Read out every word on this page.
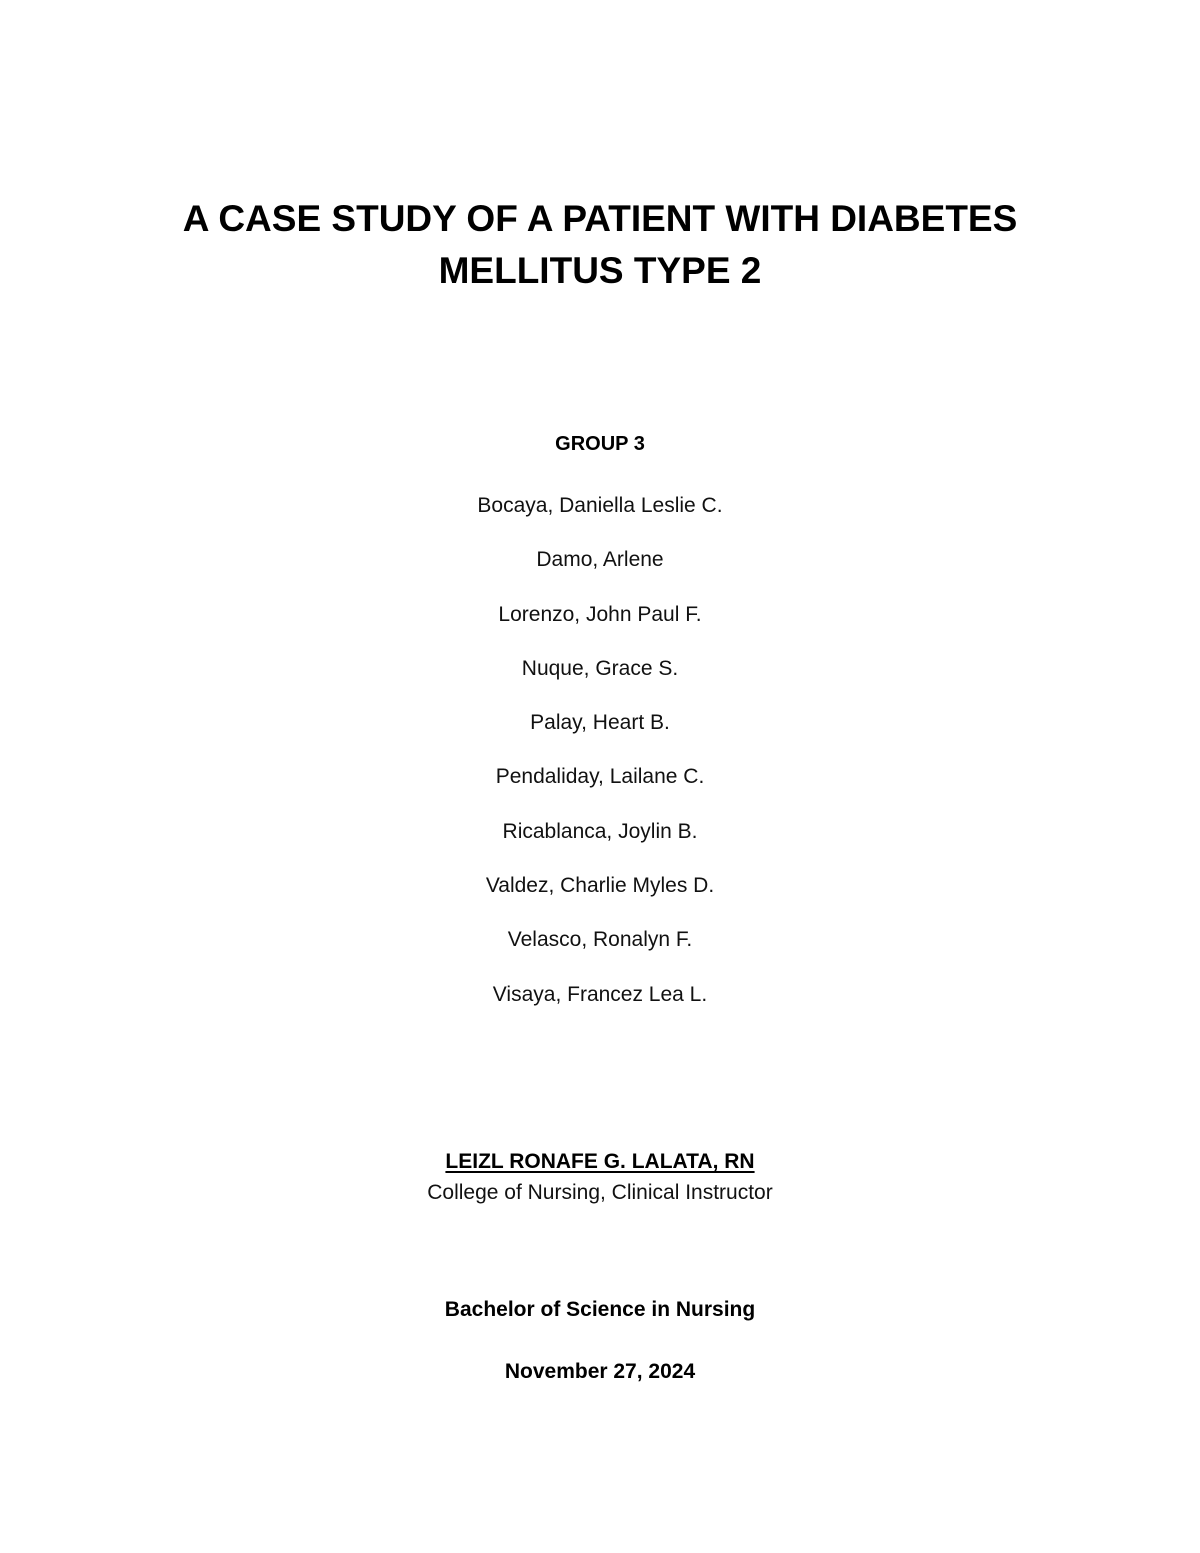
A CASE STUDY OF A PATIENT WITH DIABETES
MELLITUS TYPE 2
GROUP 3
Bocaya, Daniella Leslie C.
Damo, Arlene
Lorenzo, John Paul F.
Nuque, Grace S.
Palay, Heart B.
Pendaliday, Lailane C.
Ricablanca, Joylin B.
Valdez, Charlie Myles D.
Velasco, Ronalyn F.
Visaya, Francez Lea L.
LEIZL RONAFE G. LALATA, RN
College of Nursing, Clinical Instructor
Bachelor of Science in Nursing
November 27, 2024
